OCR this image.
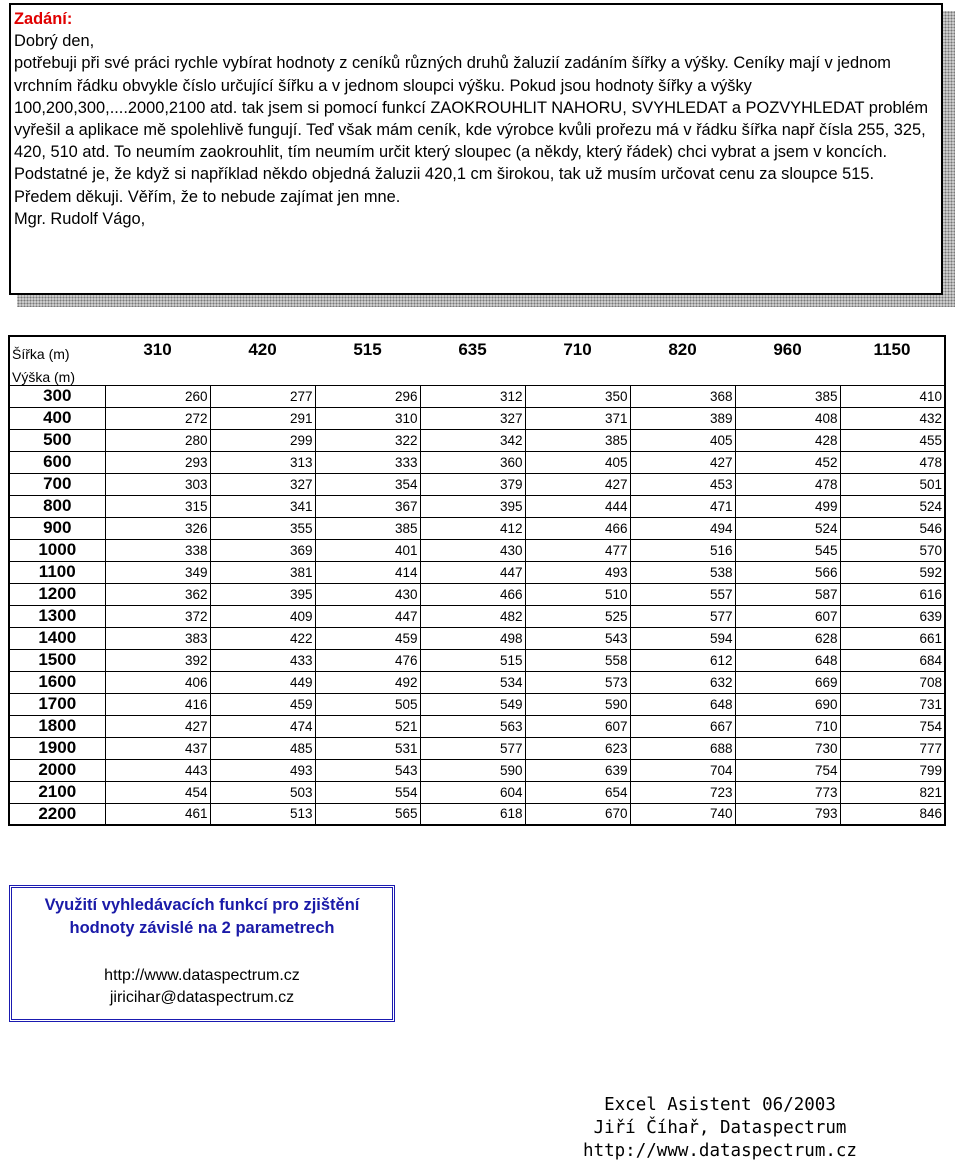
Zadání:

Dobrý den,

potřebuji při své práci rychle vybírat hodnoty z ceníků různých druhů žaluzií zadáním šířky a výšky. Ceníky mají v jednom vrchním řádku obvykle číslo určující šířku a v jednom sloupci výšku. Pokud jsou hodnoty šířky a výšky 100,200,300,....2000,2100 atd. tak jsem si pomocí funkcí ZAOKROUHLIT NAHORU, SVYHLEDAT a POZVYHLEDAT problém vyřešil a aplikace mě spolehlivě fungují. Teď však mám ceník, kde výrobce kvůli prořezu má v řádku šířka např čísla 255, 325, 420, 510 atd. To neumím zaokrouhlit, tím neumím určit který sloupec (a někdy, který řádek) chci vybrat a jsem v koncích. Podstatné je, že když si například někdo objedná žaluzii 420,1 cm širokou, tak už musím určovat cenu za sloupce 515.

Předem děkuji. Věřím, že to nebude zajímat jen mne.

Mgr. Rudolf Vágo,

Šířka (m)	310	420	515	635	710	820	960	1150
Výška (m)								
300	260	277	296	312	350	368	385	410
400	272	291	310	327	371	389	408	432
500	280	299	322	342	385	405	428	455
600	293	313	333	360	405	427	452	478
700	303	327	354	379	427	453	478	501
800	315	341	367	395	444	471	499	524
900	326	355	385	412	466	494	524	546
1000	338	369	401	430	477	516	545	570
1100	349	381	414	447	493	538	566	592
1200	362	395	430	466	510	557	587	616
1300	372	409	447	482	525	577	607	639
1400	383	422	459	498	543	594	628	661
1500	392	433	476	515	558	612	648	684
1600	406	449	492	534	573	632	669	708
1700	416	459	505	549	590	648	690	731
1800	427	474	521	563	607	667	710	754
1900	437	485	531	577	623	688	730	777
2000	443	493	543	590	639	704	754	799
2100	454	503	554	604	654	723	773	821
2200	461	513	565	618	670	740	793	846
Využití vyhledávacích funkcí pro zjištění
hodnoty závislé na 2 parametrech
http://www.dataspectrum.cz
jiricihar@dataspectrum.cz
Excel Asistent 06/2003
Jiří Číhař, Dataspectrum
http://www.dataspectrum.cz
